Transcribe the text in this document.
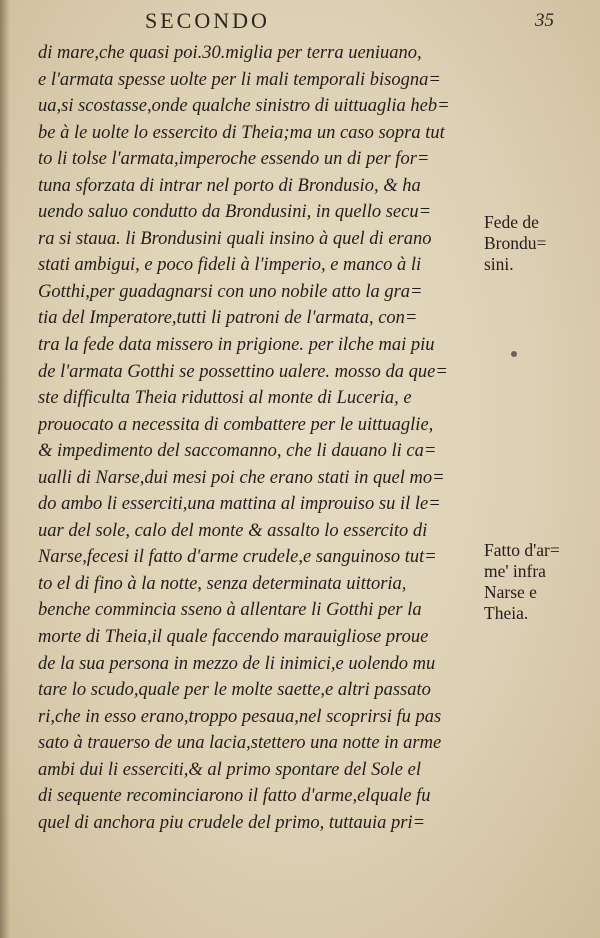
SECONDO	35
di mare,che quasi poi.30.miglia per terra ueniuano,
e l'armata spesse uolte per li mali temporali bisogna=
ua,si scostasse,onde qualche sinistro di uittuaglia heb=
be à le uolte lo essercito di Theia;ma un caso sopra tut
to li tolse l'armata,imperoche essendo un di per for=
tuna sforzata di intrar nel porto di Brondusio, & ha
uendo saluo condutto da Brondusini, in quello secu=
ra si staua. li Brondusini quali insino à quel di erano
stati ambigui, e poco fideli à l'imperio, e manco à li
Gotthi,per guadagnarsi con uno nobile atto la gra=
tia del Imperatore,tutti li patroni de l'armata, con=
tra la fede data missero in prigione. per ilche mai piu
de l'armata Gotthi se possettino ualere. mosso da que=
ste difficulta Theia riduttosi al monte di Luceria, e
prouocato a necessita di combattere per le uittuaglie,
& impedimento del saccomanno, che li dauano li ca=
ualli di Narse,dui mesi poi che erano stati in quel mo=
do ambo li esserciti,una mattina al improuiso su il le=
uar del sole, calo del monte & assalto lo essercito di
Narse,fecesi il fatto d'arme crudele,e sanguinoso tut=
to el di fino à la notte, senza determinata uittoria,
benche commincia sseno à allentare li Gotthi per la
morte di Theia,il quale faccendo marauigliose proue
de la sua persona in mezzo de li inimici,e uolendo mu
tare lo scudo,quale per le molte saette,e altri passato
ri,che in esso erano,troppo pesaua,nel scoprirsi fu pas
sato à trauerso de una lacia,stettero una notte in arme
ambi dui li esserciti,& al primo spontare del Sole el
di sequente recominciarono il fatto d'arme,elquale fu
quel di anchora piu crudele del primo, tuttauia pri=
Fede de
Brondu=
sini.
Fatto d'ar=
me' infra
Narse e
Theia.
